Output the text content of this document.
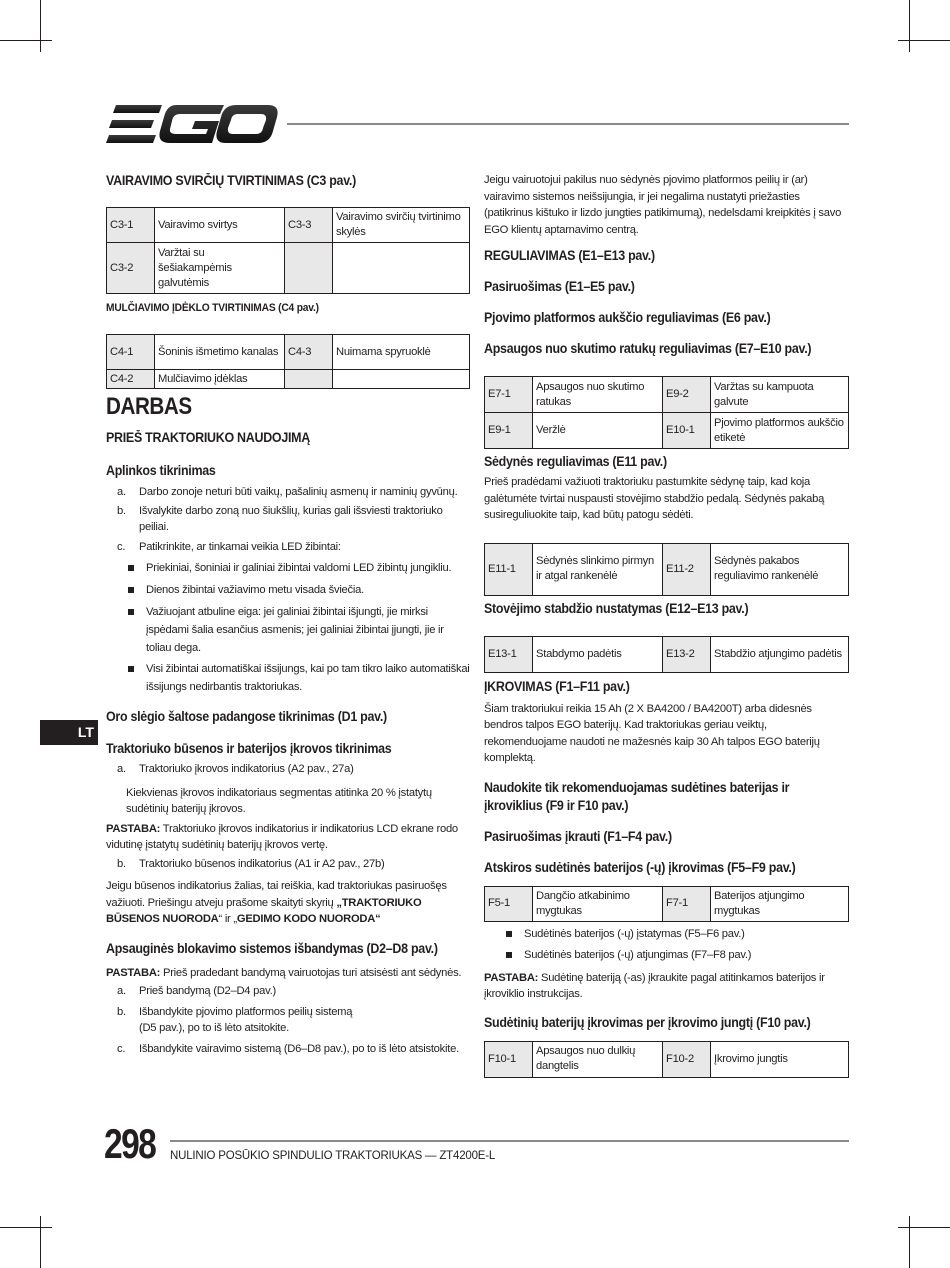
VAIRAVIMO SVIRČIŲ TVIRTINIMAS (C3 pav.)
C3-1	Vairavimo svirtys	C3-3	Vairavimo svirčių tvirtinimo skylės
C3-2	Varžtai su šešiakampėmis galvutėmis		
MULČIAVIMO ĮDĖKLO TVIRTINIMAS (C4 pav.)
C4-1	Šoninis išmetimo kanalas	C4-3	Nuimama spyruoklė
C4-2	Mulčiavimo įdėklas		
DARBAS
PRIEŠ TRAKTORIUKO NAUDOJIMĄ
Aplinkos tikrinimas
a. Darbo zonoje neturi būti vaikų, pašalinių asmenų ir naminių gyvūnų.
b. Išvalykite darbo zoną nuo šiukšlių, kurias gali išsviesti traktoriuko peiliai.
c. Patikrinkite, ar tinkamai veikia LED žibintai:
Priekiniai, šoniniai ir galiniai žibintai valdomi LED žibintų jungikliu.
Dienos žibintai važiavimo metu visada šviečia.
Važiuojant atbuline eiga: jei galiniai žibintai išjungti, jie mirksi įspėdami šalia esančius asmenis; jei galiniai žibintai įjungti, jie ir toliau dega.
Visi žibintai automatiškai išsijungs, kai po tam tikro laiko automatiškai išsijungs nedirbantis traktoriukas.
Oro slėgio šaltose padangose tikrinimas (D1 pav.)
Traktoriuko būsenos ir baterijos įkrovos tikrinimas
a. Traktoriuko įkrovos indikatorius (A2 pav., 27a)

Kiekvienas įkrovos indikatoriaus segmentas atitinka 20 % įstatytų sudėtinių baterijų įkrovos.

PASTABA: Traktoriuko įkrovos indikatorius ir indikatorius LCD ekrane rodo vidutinę įstatytų sudėtinių baterijų įkrovos vertę.

b. Traktoriuko būsenos indikatorius (A1 ir A2 pav., 27b)

Jeigu būsenos indikatorius žalias, tai reiškia, kad traktoriukas pasiruošęs važiuoti. Priešingu atveju prašome skaityti skyrių „TRAKTORIUKO BŪSENOS NUORODA“ ir „GEDIMO KODO NUORODA“

Apsauginės blokavimo sistemos išbandymas (D2–D8 pav.)

PASTABA: Prieš pradedant bandymą vairuotojas turi atsisėsti ant sėdynės.

a. Prieš bandymą (D2–D4 pav.)
b. Išbandykite pjovimo platformos peilių sistemą (D5 pav.), po to iš lėto atsitokite.
c. Išbandykite vairavimo sistemą (D6–D8 pav.), po to iš lėto atsistokite.

Jeigu vairuotojui pakilus nuo sėdynės pjovimo platformos peilių ir (ar) vairavimo sistemos neišsijungia, ir jei negalima nustatyti priežasties (patikrinus kištuko ir lizdo jungties patikimumą), nedelsdami kreipkitės į savo EGO klientų aptarnavimo centrą.

REGULIAVIMAS (E1–E13 pav.)
Pasiruošimas (E1–E5 pav.)
Pjovimo platformos aukščio reguliavimas (E6 pav.)
Apsaugos nuo skutimo ratukų reguliavimas (E7–E10 pav.)
E7-1	Apsaugos nuo skutimo ratukas	E9-2	Varžtas su kampuota galvute
E9-1	Veržlė	E10-1	Pjovimo platformos aukščio etiketė
Sėdynės reguliavimas (E11 pav.)

Prieš pradėdami važiuoti traktoriuku pastumkite sėdynę taip, kad koja galėtumėte tvirtai nuspausti stovėjimo stabdžio pedalą. Sėdynės pakabą susireguliuokite taip, kad būtų patogu sėdėti.

E11-1	Sėdynės slinkimo pirmyn ir atgal rankenėlė	E11-2	Sėdynės pakabos reguliavimo rankenėlė
Stovėjimo stabdžio nustatymas (E12–E13 pav.)
E13-1	Stabdymo padėtis	E13-2	Stabdžio atjungimo padėtis
ĮKROVIMAS (F1–F11 pav.)

Šiam traktoriukui reikia 15 Ah (2 X BA4200 / BA4200T) arba didesnės bendros talpos EGO baterijų. Kad traktoriukas geriau veiktų, rekomenduojame naudoti ne mažesnės kaip 30 Ah talpos EGO baterijų komplektą.

Naudokite tik rekomenduojamas sudėtines baterijas ir įkroviklius (F9 ir F10 pav.)
Pasiruošimas įkrauti (F1–F4 pav.)
Atskiros sudėtinės baterijos (-ų) įkrovimas (F5–F9 pav.)
F5-1	Dangčio atkabinimo mygtukas	F7-1	Baterijos atjungimo mygtukas
Sudėtinės baterijos (-ų) įstatymas (F5–F6 pav.)
Sudėtinės baterijos (-ų) atjungimas (F7–F8 pav.)

PASTABA: Sudėtinę bateriją (-as) įkraukite pagal atitinkamos baterijos ir įkroviklio instrukcijas.

Sudėtinių baterijų įkrovimas per įkrovimo jungtį (F10 pav.)
F10-1	Apsaugos nuo dulkių dangtelis	F10-2	Įkrovimo jungtis
LT
298 NULINIO POSŪKIO SPINDULIO TRAKTORIUKAS — ZT4200E-L
